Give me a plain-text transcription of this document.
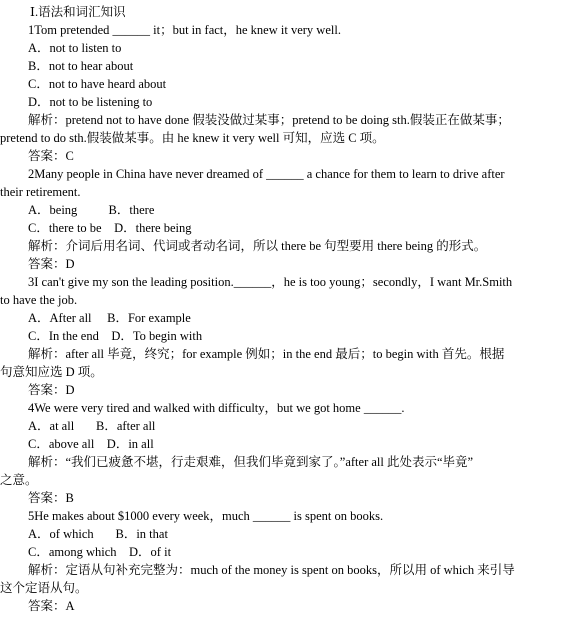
Ⅰ.语法和词汇知识
1Tom pretended ______ it；but in fact，he knew it very well.
A．not to listen to
B．not to hear about
C．not to have heard about
D．not to be listening to
解析：pretend not to have done 假装没做过某事；pretend to be doing sth.假装正在做某事；
pretend to do sth.假装做某事。由 he knew it very well 可知，应选 C 项。
答案：C
2Many people in China have never dreamed of ______ a chance for them to learn to drive after
their retirement.
A．being          B．there
C．there to be    D．there being
解析：介词后用名词、代词或者动名词，所以 there be 句型要用 there being 的形式。
答案：D
3I can't give my son the leading position.______，he is too young；secondly，I want Mr.Smith
to have the job.
A．After all     B．For example
C．In the end    D．To begin with
解析：after all 毕竟，终究；for example 例如；in the end 最后；to begin with 首先。根据
句意知应选 D 项。
答案：D
4We were very tired and walked with difficulty，but we got home ______.
A．at all       B．after all
C．above all    D．in all
解析：“我们已疲惫不堪，行走艰难，但我们毕竟到家了。”after all 此处表示“毕竟”
之意。
答案：B
5He makes about $1000 every week，much ______ is spent on books.
A．of which       B．in that
C．among which    D．of it
解析：定语从句补充完整为：much of the money is spent on books，所以用 of which 来引导
这个定语从句。
答案：A
